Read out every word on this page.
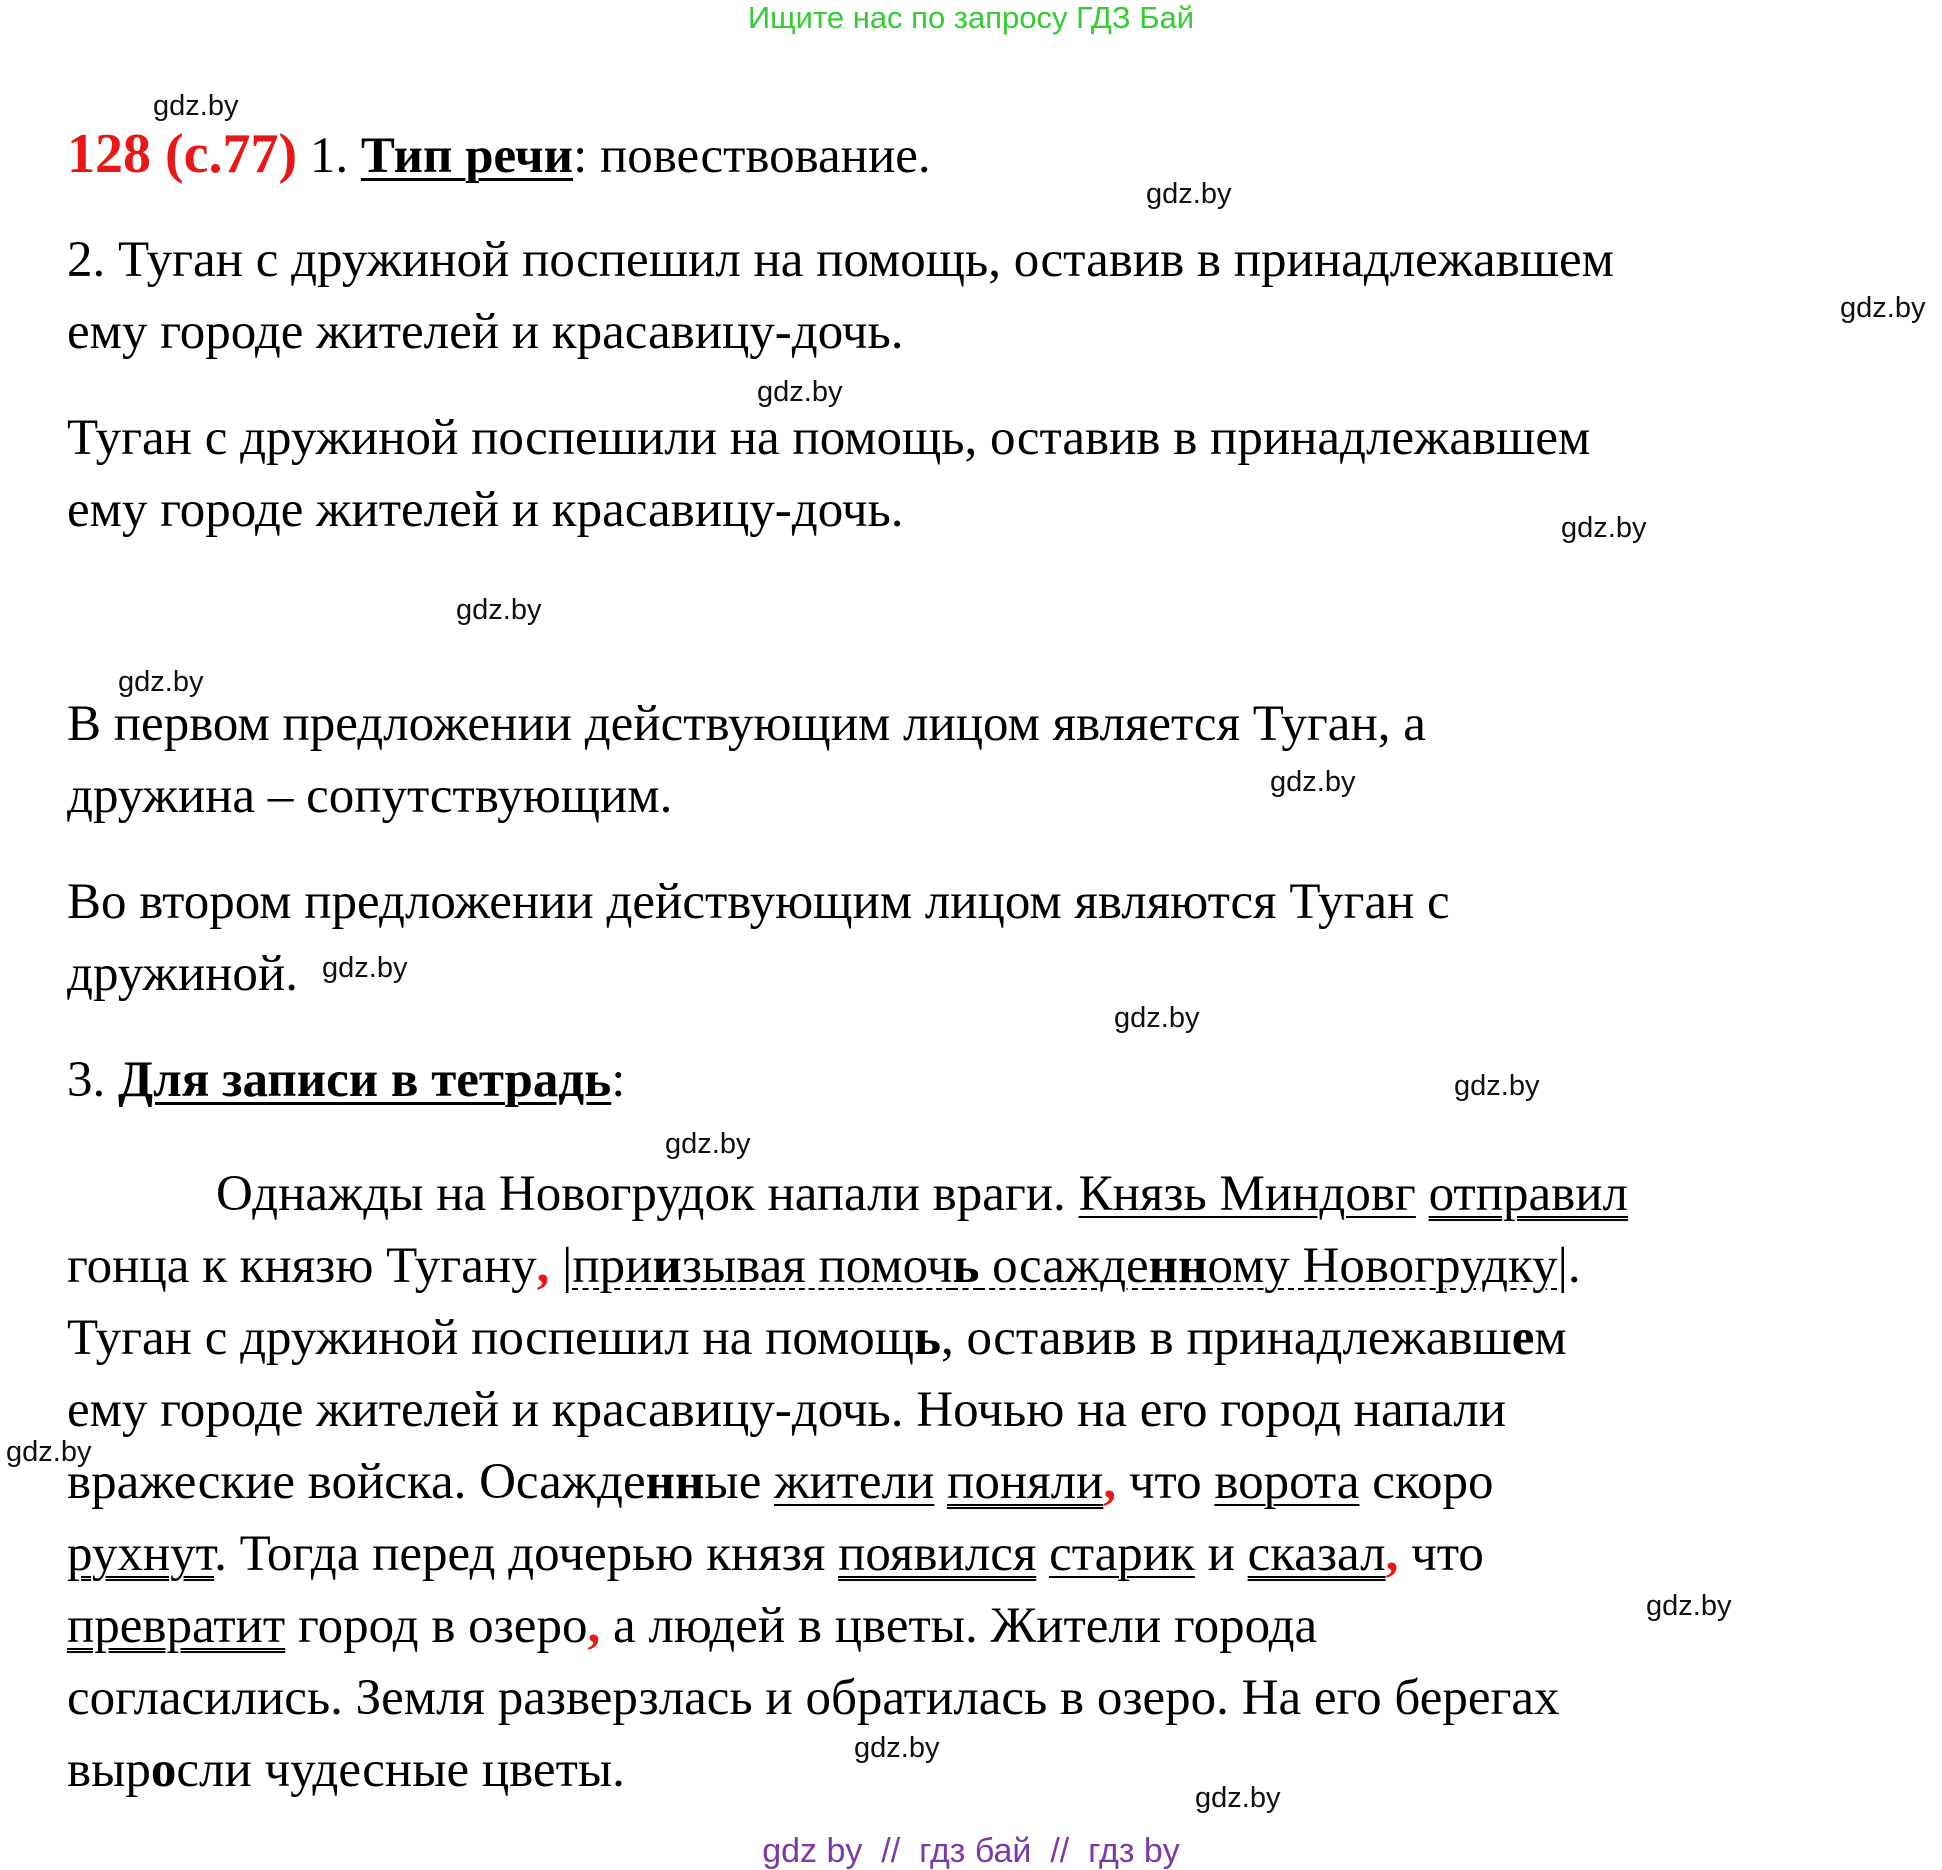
Ищите нас по запросу ГДЗ Бай
128 (с.77) 1. Тип речи: повествование.
2. Туган с дружиной поспешил на помощь, оставив в принадлежавшем
ему городе жителей и красавицу-дочь.
Туган с дружиной поспешили на помощь, оставив в принадлежавшем
ему городе жителей и красавицу-дочь.
В первом предложении действующим лицом является Туган, а
дружина – сопутствующим.
Во втором предложении действующим лицом являются Туган с
дружиной.
3. Для записи в тетрадь:
Однажды на Новогрудок напали враги. Князь Миндовг отправил
гонца к князю Тугану, |приизывая помочь осажденному Новогрудку|.
Туган с дружиной поспешил на помощь, оставив в принадлежавшем
ему городе жителей и красавицу-дочь. Ночью на его город напали
вражеские войска. Осажденные жители поняли, что ворота скоро
рухнут. Тогда перед дочерью князя появился старик и сказал, что
превратит город в озеро, а людей в цветы. Жители города
согласились. Земля разверзлась и обратилась в озеро. На его берегах
выросли чудесные цветы.
gdz.by
gdz.by
gdz.by
gdz.by
gdz.by
gdz.by
gdz.by
gdz.by
gdz.by
gdz.by
gdz.by
gdz.by
gdz.by
gdz.by
gdz.by
gdz.by
gdz by  //  гдз бай  //  гдз by
